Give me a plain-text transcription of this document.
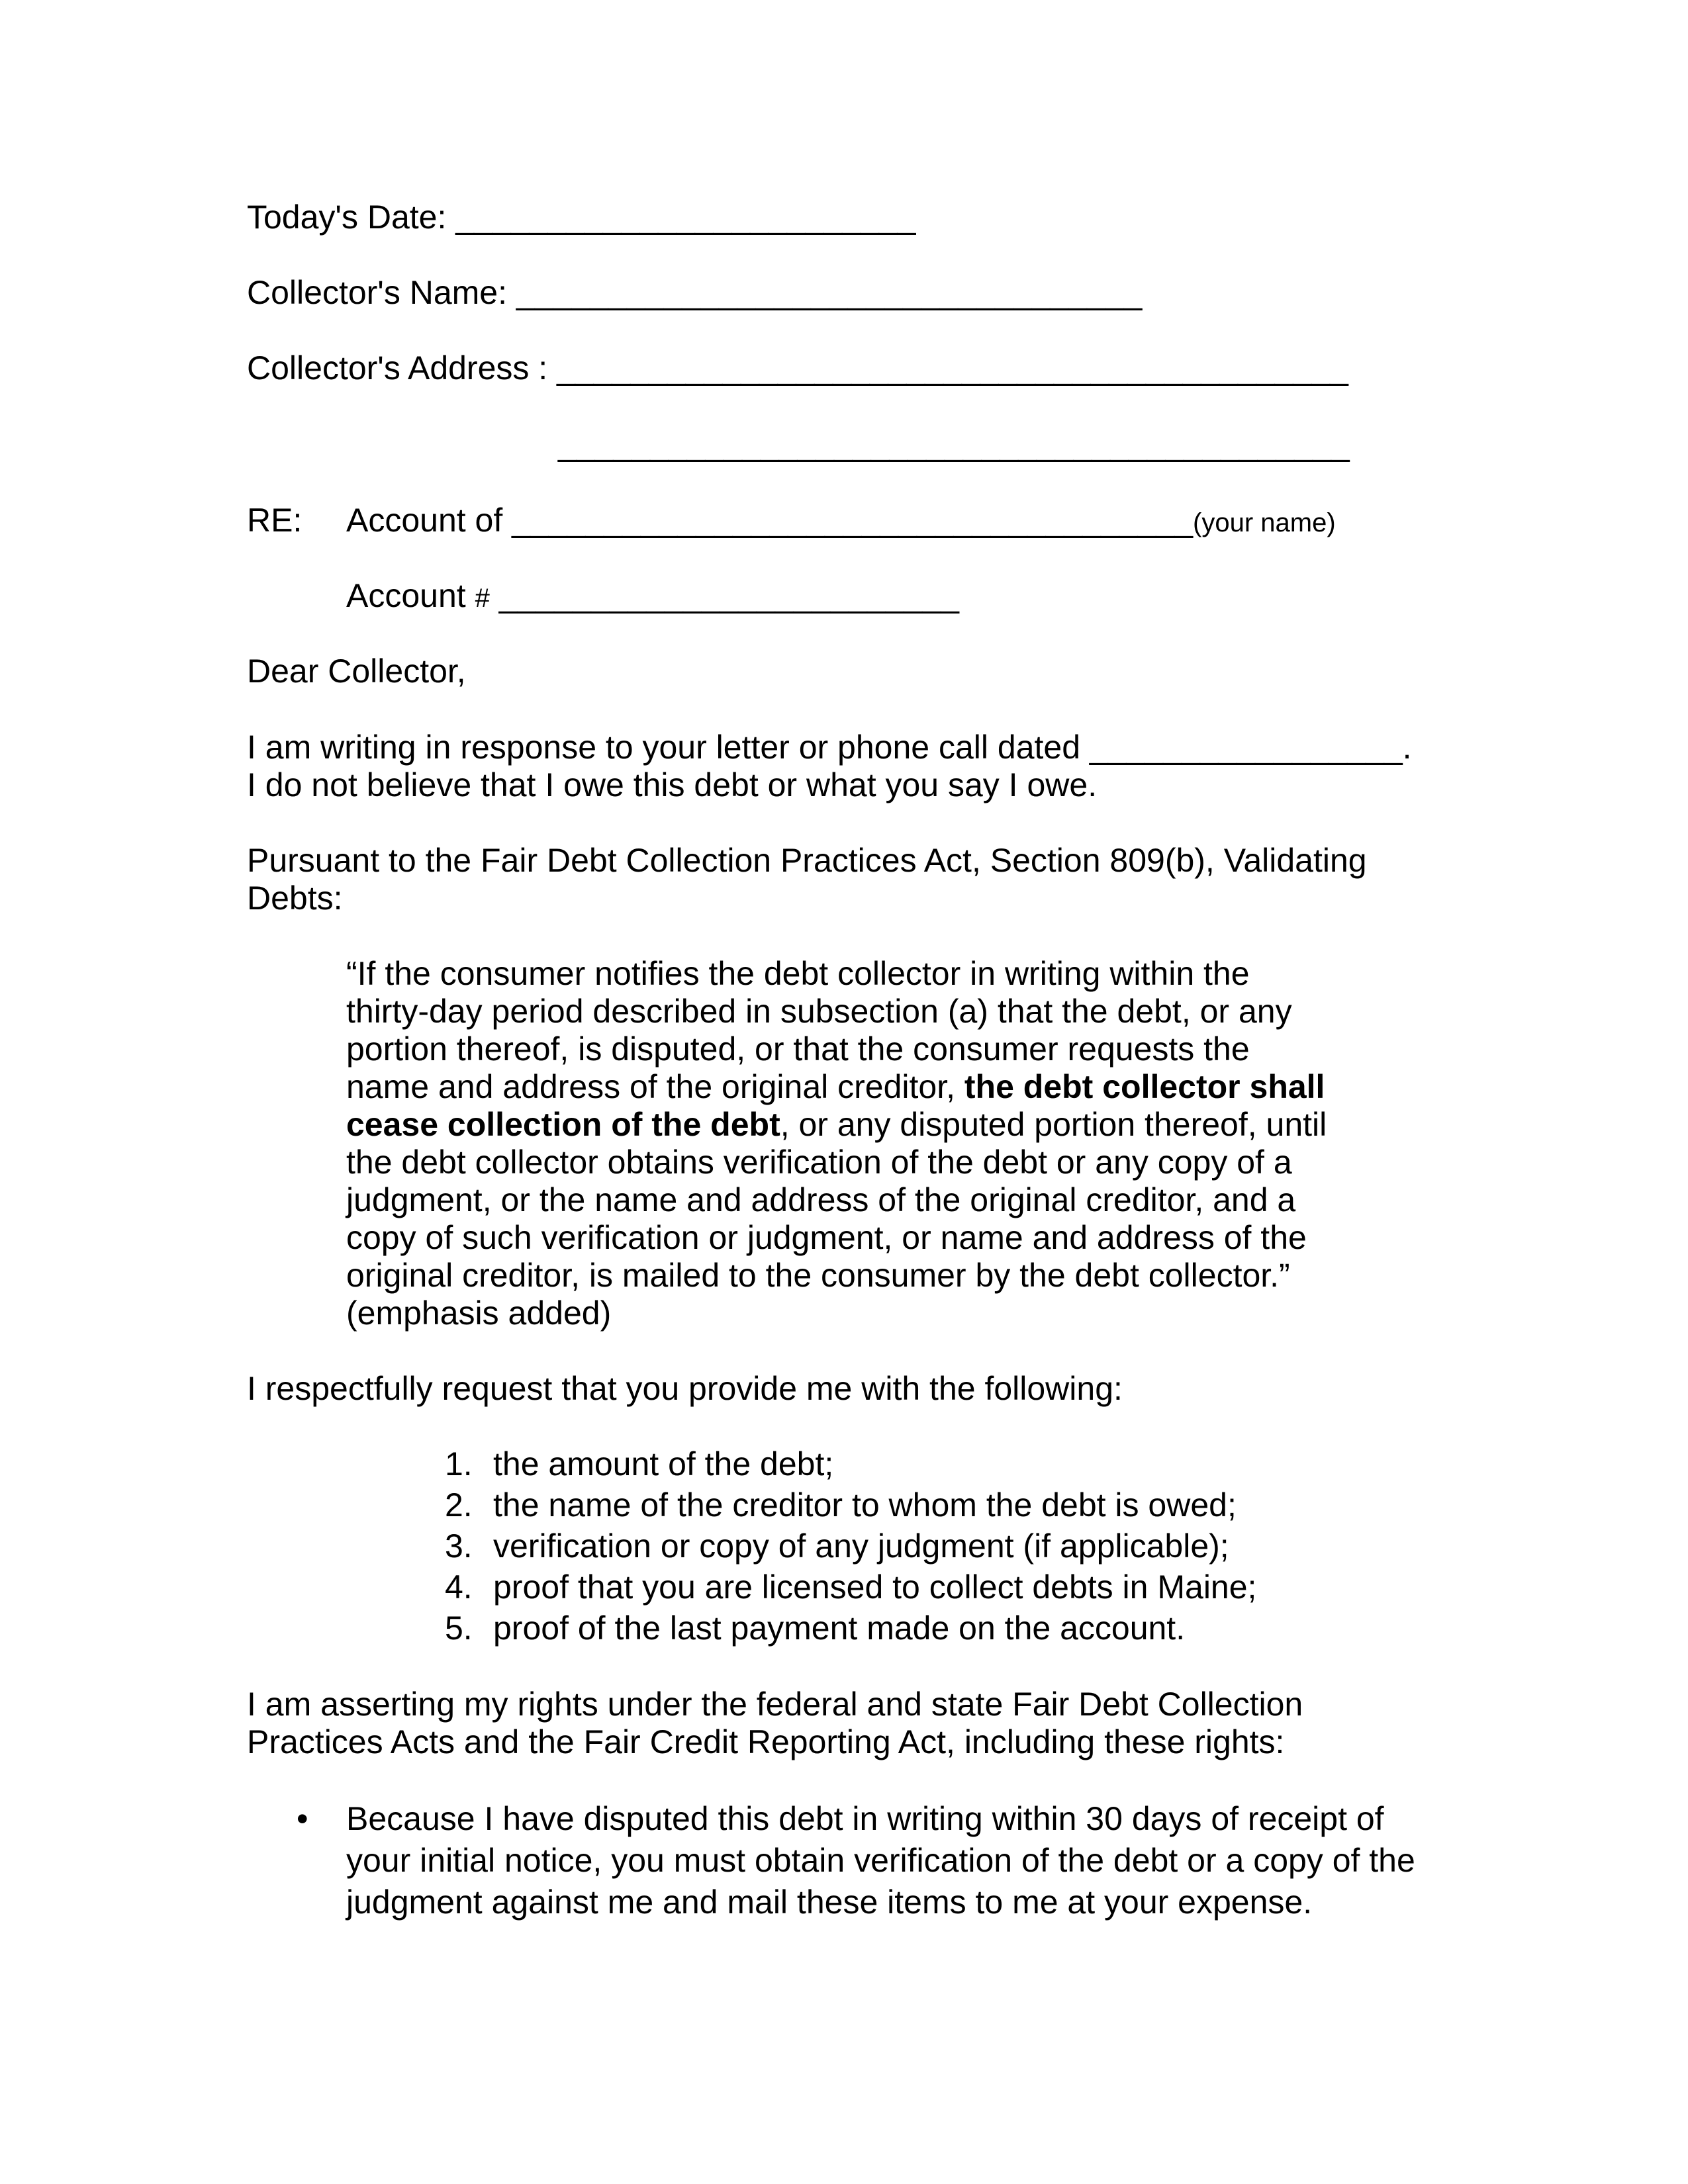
Today's Date: _________________________
Collector's Name: __________________________________
Collector's Address : ___________________________________________
___________________________________________
RE: Account of _____________________________________(your name)
Account # _________________________
Dear Collector,
I am writing in response to your letter or phone call dated _________________.
I do not believe that I owe this debt or what you say I owe.
Pursuant to the Fair Debt Collection Practices Act, Section 809(b), Validating
Debts:
“If the consumer notifies the debt collector in writing within the
thirty-day period described in subsection (a) that the debt, or any
portion thereof, is disputed, or that the consumer requests the
name and address of the original creditor, the debt collector shall
cease collection of the debt, or any disputed portion thereof, until
the debt collector obtains verification of the debt or any copy of a
judgment, or the name and address of the original creditor, and a
copy of such verification or judgment, or name and address of the
original creditor, is mailed to the consumer by the debt collector.”
(emphasis added)
I respectfully request that you provide me with the following:
1. the amount of the debt;
2. the name of the creditor to whom the debt is owed;
3. verification or copy of any judgment (if applicable);
4. proof that you are licensed to collect debts in Maine;
5. proof of the last payment made on the account.
I am asserting my rights under the federal and state Fair Debt Collection
Practices Acts and the Fair Credit Reporting Act, including these rights:
• Because I have disputed this debt in writing within 30 days of receipt of
your initial notice, you must obtain verification of the debt or a copy of the
judgment against me and mail these items to me at your expense.
